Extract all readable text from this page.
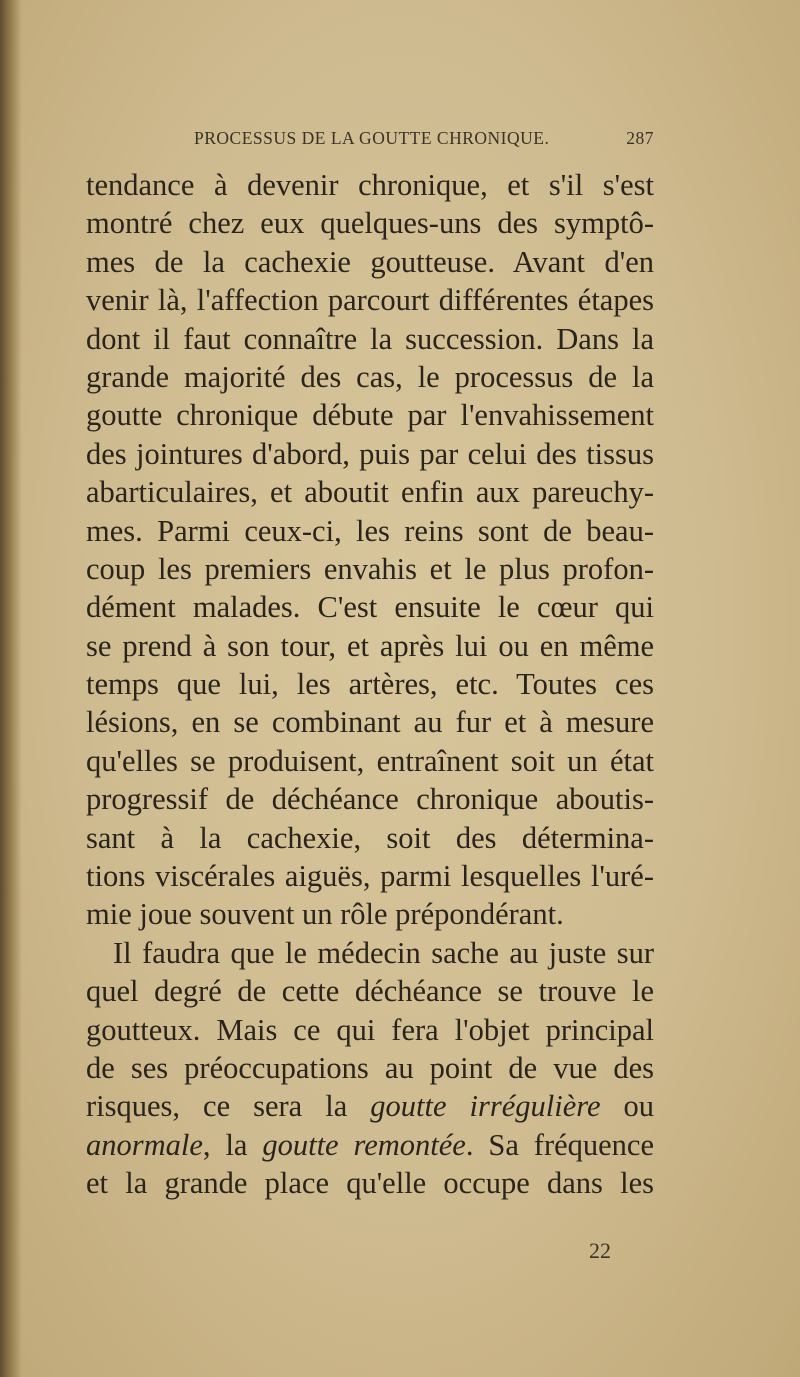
PROCESSUS DE LA GOUTTE CHRONIQUE.	287
tendance à devenir chronique, et s'il s'est
montré chez eux quelques-uns des symptô-
mes de la cachexie goutteuse. Avant d'en
venir là, l'affection parcourt différentes étapes
dont il faut connaître la succession. Dans la
grande majorité des cas, le processus de la
goutte chronique débute par l'envahissement
des jointures d'abord, puis par celui des tissus
abarticulaires, et aboutit enfin aux pareuchy-
mes. Parmi ceux-ci, les reins sont de beau-
coup les premiers envahis et le plus profon-
dément malades. C'est ensuite le cœur qui
se prend à son tour, et après lui ou en même
temps que lui, les artères, etc. Toutes ces
lésions, en se combinant au fur et à mesure
qu'elles se produisent, entraînent soit un état
progressif de déchéance chronique aboutis-
sant à la cachexie, soit des détermina-
tions viscérales aiguës, parmi lesquelles l'uré-
mie joue souvent un rôle prépondérant.
Il faudra que le médecin sache au juste sur
quel degré de cette déchéance se trouve le
goutteux. Mais ce qui fera l'objet principal
de ses préoccupations au point de vue des
risques, ce sera la goutte irrégulière ou
anormale, la goutte remontée. Sa fréquence
et la grande place qu'elle occupe dans les
22
